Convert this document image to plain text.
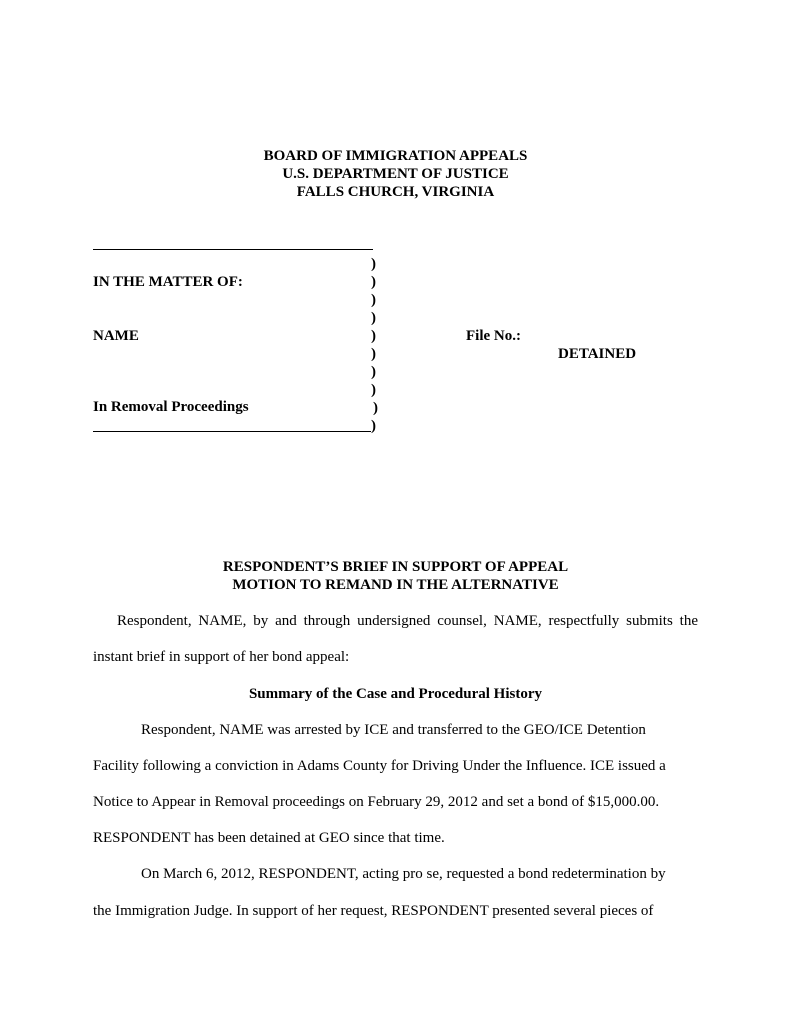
BOARD OF IMMIGRATION APPEALS
U.S. DEPARTMENT OF JUSTICE
FALLS CHURCH, VIRGINIA
)
)
)
)
)
)
)
)
)
)
IN THE MATTER OF:
NAME
In Removal Proceedings
File No.:
DETAINED
RESPONDENT’S BRIEF IN SUPPORT OF APPEAL
MOTION TO REMAND IN THE ALTERNATIVE
Respondent, NAME, by and through undersigned counsel, NAME, respectfully submits the
instant brief in support of her bond appeal:
Summary of the Case and Procedural History
Respondent, NAME was arrested by ICE and transferred to the GEO/ICE Detention
Facility following a conviction in Adams County for Driving Under the Influence. ICE issued a
Notice to Appear in Removal proceedings on February 29, 2012 and set a bond of $15,000.00.
RESPONDENT has been detained at GEO since that time.
On March 6, 2012, RESPONDENT, acting pro se, requested a bond redetermination by
the Immigration Judge. In support of her request, RESPONDENT presented several pieces of
